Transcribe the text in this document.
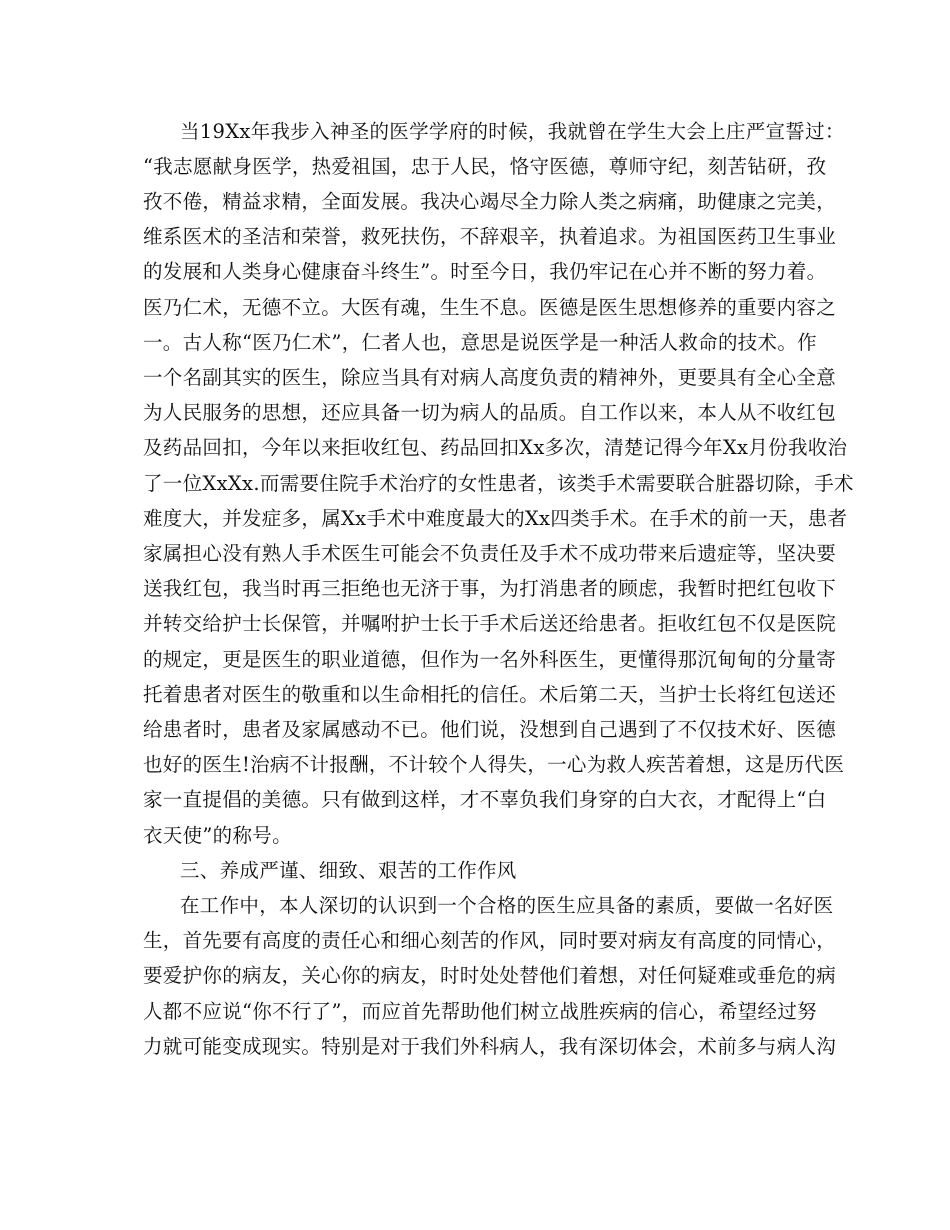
当19Xx年我步入神圣的医学学府的时候，我就曾在学生大会上庄严宣誓过：
“我志愿献身医学，热爱祖国，忠于人民，恪守医德，尊师守纪，刻苦钻研，孜
孜不倦，精益求精，全面发展。我决心竭尽全力除人类之病痛，助健康之完美，
维系医术的圣洁和荣誉，救死扶伤，不辞艰辛，执着追求。为祖国医药卫生事业
的发展和人类身心健康奋斗终生”。时至今日，我仍牢记在心并不断的努力着。
医乃仁术，无德不立。大医有魂，生生不息。医德是医生思想修养的重要内容之
一。古人称“医乃仁术”，仁者人也，意思是说医学是一种活人救命的技术。作
一个名副其实的医生，除应当具有对病人高度负责的精神外，更要具有全心全意
为人民服务的思想，还应具备一切为病人的品质。自工作以来，本人从不收红包
及药品回扣，今年以来拒收红包、药品回扣Xx多次，清楚记得今年Xx月份我收治
了一位XxXx.而需要住院手术治疗的女性患者，该类手术需要联合脏器切除，手术
难度大，并发症多，属Xx手术中难度最大的Xx四类手术。在手术的前一天，患者
家属担心没有熟人手术医生可能会不负责任及手术不成功带来后遗症等，坚决要
送我红包，我当时再三拒绝也无济于事，为打消患者的顾虑，我暂时把红包收下
并转交给护士长保管，并嘱咐护士长于手术后送还给患者。拒收红包不仅是医院
的规定，更是医生的职业道德，但作为一名外科医生，更懂得那沉甸甸的分量寄
托着患者对医生的敬重和以生命相托的信任。术后第二天，当护士长将红包送还
给患者时，患者及家属感动不已。他们说，没想到自己遇到了不仅技术好、医德
也好的医生!治病不计报酬，不计较个人得失，一心为救人疾苦着想，这是历代医
家一直提倡的美德。只有做到这样，才不辜负我们身穿的白大衣，才配得上“白
衣天使”的称号。
三、养成严谨、细致、艰苦的工作作风
在工作中，本人深切的认识到一个合格的医生应具备的素质，要做一名好医
生，首先要有高度的责任心和细心刻苦的作风，同时要对病友有高度的同情心，
要爱护你的病友，关心你的病友，时时处处替他们着想，对任何疑难或垂危的病
人都不应说“你不行了”，而应首先帮助他们树立战胜疾病的信心，希望经过努
力就可能变成现实。特别是对于我们外科病人，我有深切体会，术前多与病人沟
